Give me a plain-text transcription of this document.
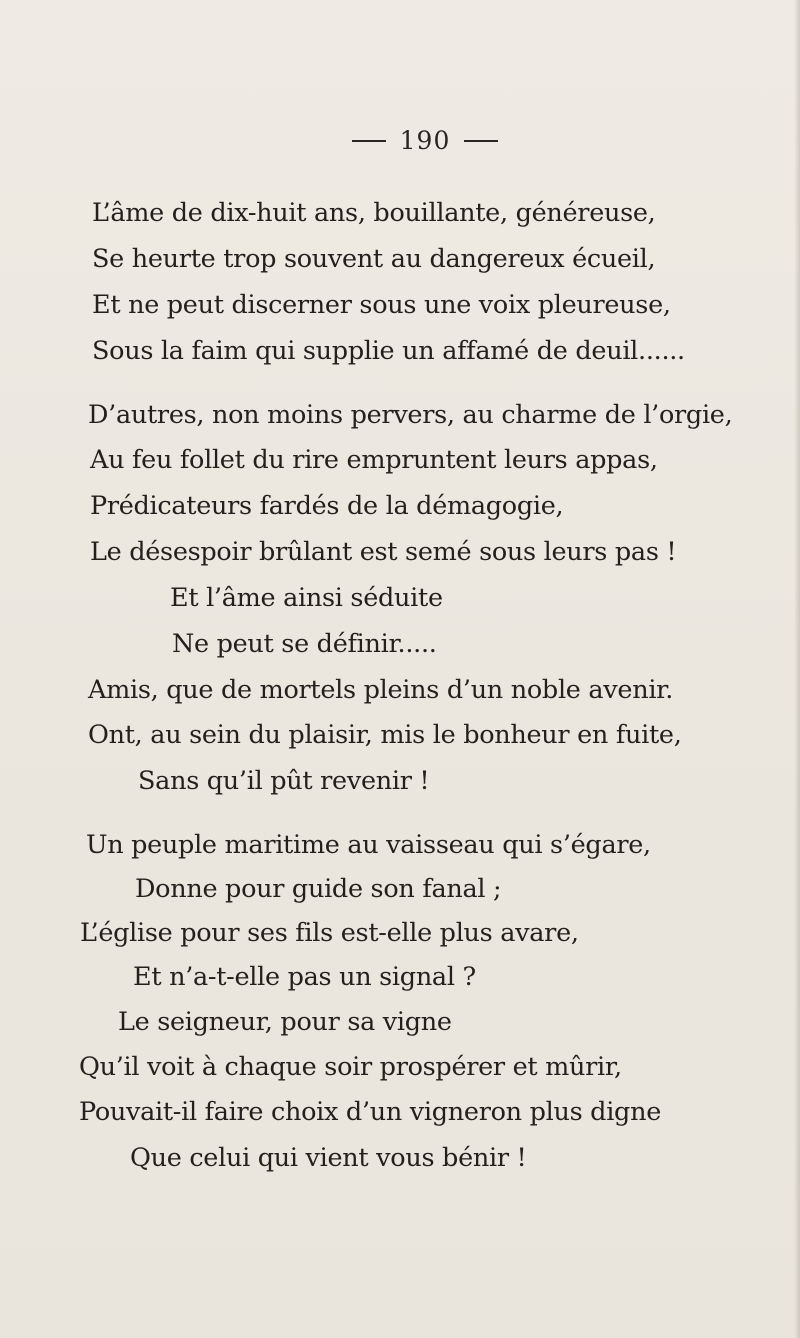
190
L’âme de dix-huit ans, bouillante, généreuse,
Se heurte trop souvent au dangereux écueil,
Et ne peut discerner sous une voix pleureuse,
Sous la faim qui supplie un affamé de deuil......
D’autres, non moins pervers, au charme de l’orgie,
Au feu follet du rire empruntent leurs appas,
Prédicateurs fardés de la démagogie,
Le désespoir brûlant est semé sous leurs pas !
Et l’âme ainsi séduite
Ne peut se définir.....
Amis, que de mortels pleins d’un noble avenir.
Ont, au sein du plaisir, mis le bonheur en fuite,
Sans qu’il pût revenir !
Un peuple maritime au vaisseau qui s’égare,
Donne pour guide son fanal ;
L’église pour ses fils est-elle plus avare,
Et n’a-t-elle pas un signal ?
Le seigneur, pour sa vigne
Qu’il voit à chaque soir prospérer et mûrir,
Pouvait-il faire choix d’un vigneron plus digne
Que celui qui vient vous bénir !
